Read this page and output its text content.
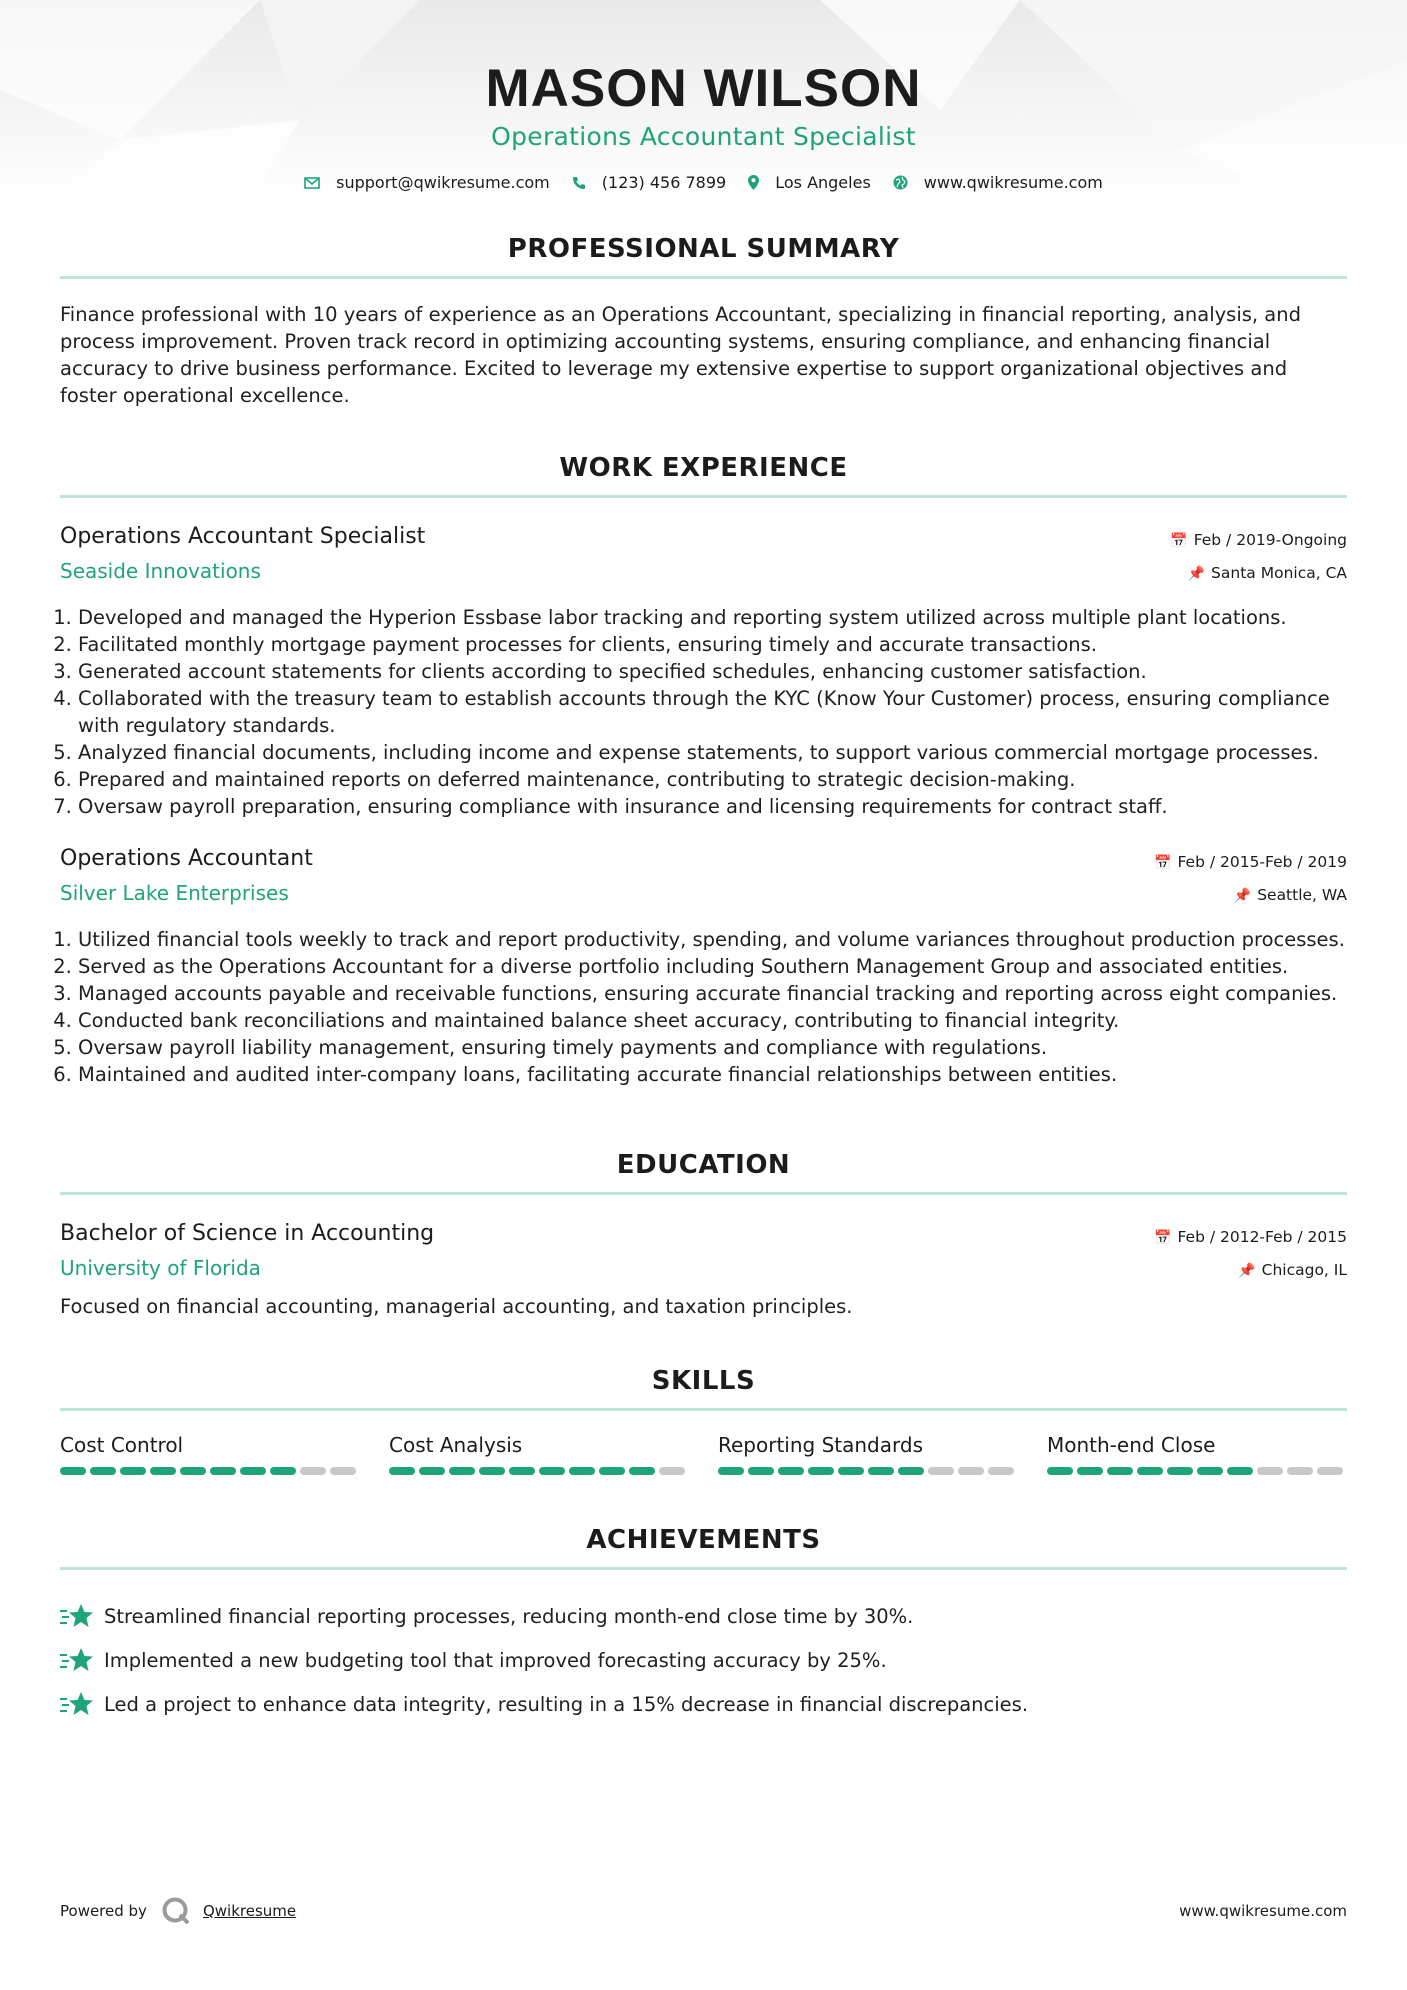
MASON WILSON
Operations Accountant Specialist
support@qwikresume.com	(123) 456 7899	Los Angeles	www.qwikresume.com
PROFESSIONAL SUMMARY
Finance professional with 10 years of experience as an Operations Accountant, specializing in financial reporting, analysis, and process improvement. Proven track record in optimizing accounting systems, ensuring compliance, and enhancing financial accuracy to drive business performance. Excited to leverage my extensive expertise to support organizational objectives and foster operational excellence.
WORK EXPERIENCE
Operations Accountant Specialist
Seaside Innovations
📅 Feb / 2019-Ongoing
📌 Santa Monica, CA
1. Developed and managed the Hyperion Essbase labor tracking and reporting system utilized across multiple plant locations.
2. Facilitated monthly mortgage payment processes for clients, ensuring timely and accurate transactions.
3. Generated account statements for clients according to specified schedules, enhancing customer satisfaction.
4. Collaborated with the treasury team to establish accounts through the KYC (Know Your Customer) process, ensuring compliance with regulatory standards.
5. Analyzed financial documents, including income and expense statements, to support various commercial mortgage processes.
6. Prepared and maintained reports on deferred maintenance, contributing to strategic decision-making.
7. Oversaw payroll preparation, ensuring compliance with insurance and licensing requirements for contract staff.
Operations Accountant
Silver Lake Enterprises
📅 Feb / 2015-Feb / 2019
📌 Seattle, WA
1. Utilized financial tools weekly to track and report productivity, spending, and volume variances throughout production processes.
2. Served as the Operations Accountant for a diverse portfolio including Southern Management Group and associated entities.
3. Managed accounts payable and receivable functions, ensuring accurate financial tracking and reporting across eight companies.
4. Conducted bank reconciliations and maintained balance sheet accuracy, contributing to financial integrity.
5. Oversaw payroll liability management, ensuring timely payments and compliance with regulations.
6. Maintained and audited inter-company loans, facilitating accurate financial relationships between entities.
EDUCATION
Bachelor of Science in Accounting
University of Florida
📅 Feb / 2012-Feb / 2015
📌 Chicago, IL
Focused on financial accounting, managerial accounting, and taxation principles.
SKILLS
Cost Control	Cost Analysis	Reporting Standards	Month-end Close
ACHIEVEMENTS
Streamlined financial reporting processes, reducing month-end close time by 30%.
Implemented a new budgeting tool that improved forecasting accuracy by 25%.
Led a project to enhance data integrity, resulting in a 15% decrease in financial discrepancies.
Powered by	Qwikresume	www.qwikresume.com
